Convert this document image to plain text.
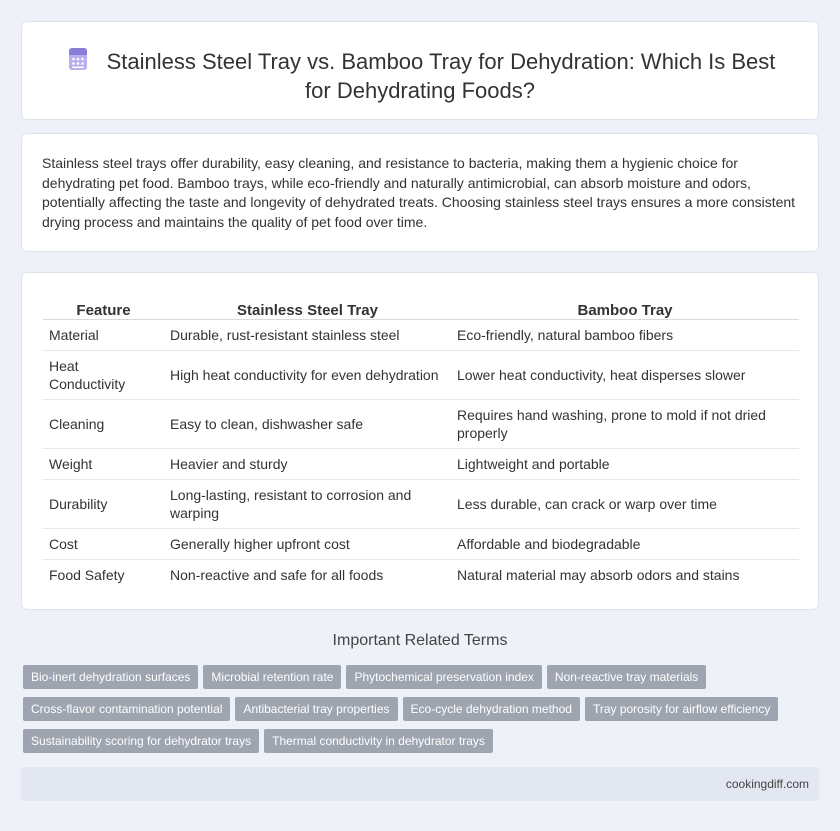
Stainless Steel Tray vs. Bamboo Tray for Dehydration: Which Is Best for Dehydrating Foods?

Stainless steel trays offer durability, easy cleaning, and resistance to bacteria, making them a hygienic choice for dehydrating pet food. Bamboo trays, while eco-friendly and naturally antimicrobial, can absorb moisture and odors, potentially affecting the taste and longevity of dehydrated treats. Choosing stainless steel trays ensures a more consistent drying process and maintains the quality of pet food over time.

Feature	Stainless Steel Tray	Bamboo Tray
Material	Durable, rust-resistant stainless steel	Eco-friendly, natural bamboo fibers
Heat Conductivity	High heat conductivity for even dehydration	Lower heat conductivity, heat disperses slower
Cleaning	Easy to clean, dishwasher safe	Requires hand washing, prone to mold if not dried properly
Weight	Heavier and sturdy	Lightweight and portable
Durability	Long-lasting, resistant to corrosion and warping	Less durable, can crack or warp over time
Cost	Generally higher upfront cost	Affordable and biodegradable
Food Safety	Non-reactive and safe for all foods	Natural material may absorb odors and stains
Important Related Terms
Bio-inert dehydration surfaces Microbial retention rate Phytochemical preservation index Non-reactive tray materials
Cross-flavor contamination potential Antibacterial tray properties Eco-cycle dehydration method Tray porosity for airflow efficiency
Sustainability scoring for dehydrator trays Thermal conductivity in dehydrator trays
cookingdiff.com
